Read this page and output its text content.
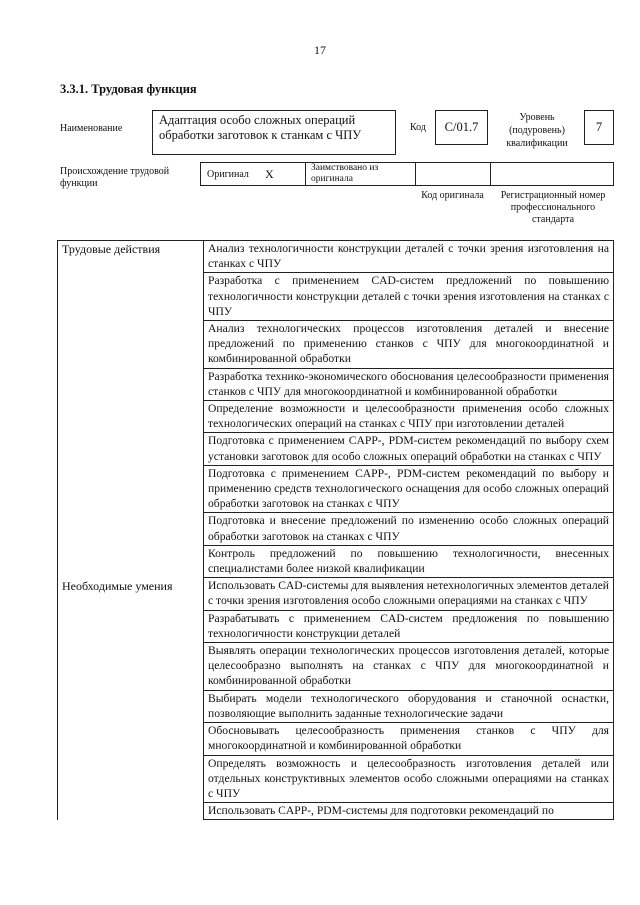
17
3.3.1. Трудовая функция
Наименование
Адаптация особо сложных операций обработки заготовок к станкам с ЧПУ
Код	С/01.7
Уровень (подуровень) квалификации
7
Происхождение трудовой функции
Оригинал X	Заимствовано из оригинала
Код оригинала	Регистрационный номер профессионального стандарта
Трудовые действия	Анализ технологичности конструкции деталей с точки зрения изготовления на станках с ЧПУ
Разработка с применением CAD-систем предложений по повышению технологичности конструкции деталей с точки зрения изготовления на станках с ЧПУ
Анализ технологических процессов изготовления деталей и внесение предложений по применению станков с ЧПУ для многокоординатной и комбинированной обработки
Разработка технико-экономического обоснования целесообразности применения станков с ЧПУ для многокоординатной и комбинированной обработки
Определение возможности и целесообразности применения особо сложных технологических операций на станках с ЧПУ при изготовлении деталей
Подготовка с применением CAPP-, PDM-систем рекомендаций по выбору схем установки заготовок для особо сложных операций обработки на станках с ЧПУ
Подготовка с применением CAPP-, PDM-систем рекомендаций по выбору и применению средств технологического оснащения для особо сложных операций обработки заготовок на станках с ЧПУ
Подготовка и внесение предложений по изменению особо сложных операций обработки заготовок на станках с ЧПУ
Контроль предложений по повышению технологичности, внесенных специалистами более низкой квалификации
Необходимые умения	Использовать CAD-системы для выявления нетехнологичных элементов деталей с точки зрения изготовления особо сложными операциями на станках с ЧПУ
Разрабатывать с применением CAD-систем предложения по повышению технологичности конструкции деталей
Выявлять операции технологических процессов изготовления деталей, которые целесообразно выполнять на станках с ЧПУ для многокоординатной и комбинированной обработки
Выбирать модели технологического оборудования и станочной оснастки, позволяющие выполнить заданные технологические задачи
Обосновывать целесообразность применения станков с ЧПУ для многокоординатной и комбинированной обработки
Определять возможность и целесообразность изготовления деталей или отдельных конструктивных элементов особо сложными операциями на станках с ЧПУ
Использовать CAPP-, PDM-системы для подготовки рекомендаций по
